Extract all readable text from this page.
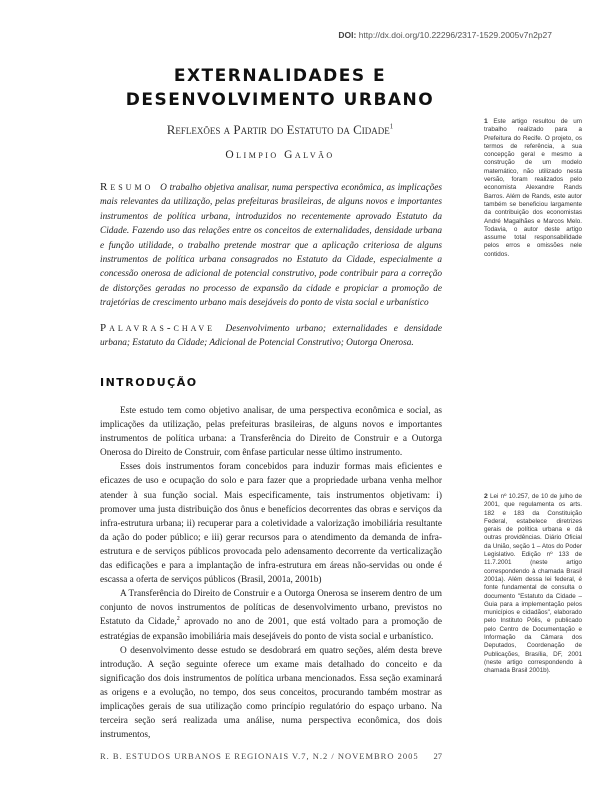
DOI: http://dx.doi.org/10.22296/2317-1529.2005v7n2p27
EXTERNALIDADES E
DESENVOLVIMENTO URBANO
Reflexões a Partir do Estatuto da Cidade$^1$
Olimpio Galvão
Resumo O trabalho objetiva analisar, numa perspectiva econômica, as implicações mais relevantes da utilização, pelas prefeituras brasileiras, de alguns novos e importantes instrumentos de política urbana, introduzidos no recentemente aprovado Estatuto da Cidade. Fazendo uso das relações entre os conceitos de externalidades, densidade urbana e função utilidade, o trabalho pretende mostrar que a aplicação criteriosa de alguns instrumentos de política urbana consagrados no Estatuto da Cidade, especialmente a concessão onerosa de adicional de potencial construtivo, pode contribuir para a correção de distorções geradas no processo de expansão da cidade e propiciar a promoção de trajetórias de crescimento urbano mais desejáveis do ponto de vista social e urbanístico
Palavras-chave Desenvolvimento urbano; externalidades e densidade urbana; Estatuto da Cidade; Adicional de Potencial Construtivo; Outorga Onerosa.
INTRODUÇÃO

Este estudo tem como objetivo analisar, de uma perspectiva econômica e social, as implicações da utilização, pelas prefeituras brasileiras, de alguns novos e importantes instrumentos de política urbana: a Transferência do Direito de Construir e a Outorga Onerosa do Direito de Construir, com ênfase particular nesse último instrumento.

Esses dois instrumentos foram concebidos para induzir formas mais eficientes e eficazes de uso e ocupação do solo e para fazer que a propriedade urbana venha melhor atender à sua função social. Mais especificamente, tais instrumentos objetivam: i) promover uma justa distribuição dos ônus e benefícios decorrentes das obras e serviços da infra-estrutura urbana; ii) recuperar para a coletividade a valorização imobiliária resultante da ação do poder público; e iii) gerar recursos para o atendimento da demanda de infra-estrutura e de serviços públicos provocada pelo adensamento decorrente da verticalização das edificações e para a implantação de infra-estrutura em áreas não-servidas ou onde é escassa a oferta de serviços públicos (Brasil, 2001a, 2001b)

A Transferência do Direito de Construir e a Outorga Onerosa se inserem dentro de um conjunto de novos instrumentos de políticas de desenvolvimento urbano, previstos no Estatuto da Cidade,$^2$ aprovado no ano de 2001, que está voltado para a promoção de estratégias de expansão imobiliária mais desejáveis do ponto de vista social e urbanístico.

O desenvolvimento desse estudo se desdobrará em quatro seções, além desta breve introdução. A seção seguinte oferece um exame mais detalhado do conceito e da significação dos dois instrumentos de política urbana mencionados. Essa seção examinará as origens e a evolução, no tempo, dos seus conceitos, procurando também mostrar as implicações gerais de sua utilização como princípio regulatório do espaço urbano. Na terceira seção será realizada uma análise, numa perspectiva econômica, dos dois instrumentos,

1 Este artigo resultou de um trabalho realizado para a Prefeitura do Recife. O projeto, os termos de referência, a sua concepção geral e mesmo a construção de um modelo matemático, não utilizado nesta versão, foram realizados pelo economista Alexandre Rands Barros. Além de Rands, este autor também se beneficiou largamente da contribuição dos economistas André Magalhães e Marcos Melo. Todavia, o autor deste artigo assume total responsabilidade pelos erros e omissões nele contidos.
2 Lei nº 10.257, de 10 de julho de 2001, que regulamenta os arts. 182 e 183 da Constituição Federal, estabelece diretrizes gerais de política urbana e dá outras providências. Diário Oficial da União, seção 1 – Atos do Poder Legislativo. Edição nº 133 de 11.7.2001 (neste artigo correspondendo à chamada Brasil 2001a). Além dessa lei federal, é fonte fundamental de consulta o documento "Estatuto da Cidade – Guia para a implementação pelos municípios e cidadãos", elaborado pelo Instituto Pólis, e publicado pelo Centro de Documentação e Informação da Câmara dos Deputados, Coordenação de Publicações, Brasília, DF, 2001 (neste artigo correspondendo à chamada Brasil 2001b).
R. B. ESTUDOS URBANOS E REGIONAIS V.7, N.2 / NOVEMBRO 2005 27
